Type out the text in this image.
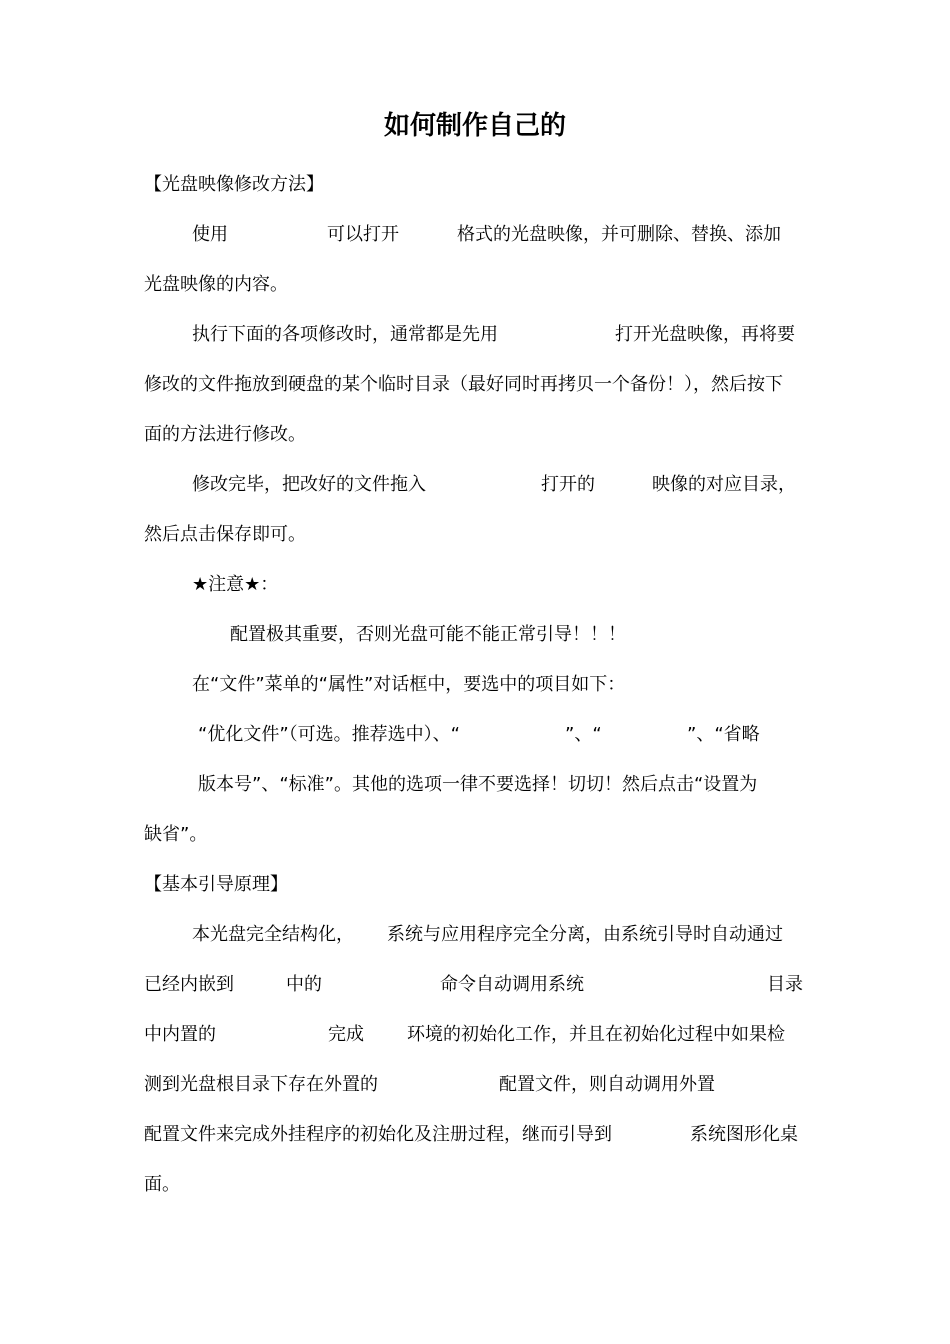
如何制作自己的
【光盘映像修改方法】
使用	可以打开	格式的光盘映像，并可删除、替换、添加
光盘映像的内容。
执行下面的各项修改时，通常都是先用	打开光盘映像，再将要
修改的文件拖放到硬盘的某个临时目录（最好同时再拷贝一个备份！），然后按下
面的方法进行修改。
修改完毕，把改好的文件拖入	打开的	映像的对应目录，
然后点击保存即可。
★注意★：
配置极其重要，否则光盘可能不能正常引导！！！
在“文件”菜单的“属性”对话框中，要选中的项目如下：
“优化文件”（可选。推荐选中）、“	”、“	”、“省略
版本号”、“标准”。其他的选项一律不要选择！切切！然后点击“设置为
缺省”。
【基本引导原理】
本光盘完全结构化， 系统与应用程序完全分离，由系统引导时自动通过
已经内嵌到	中的	命令自动调用系统	目录
中内置的	完成 环境的初始化工作，并且在初始化过程中如果检
测到光盘根目录下存在外置的	配置文件，则自动调用外置
配置文件来完成外挂程序的初始化及注册过程，继而引导到	系统图形化桌
面。
